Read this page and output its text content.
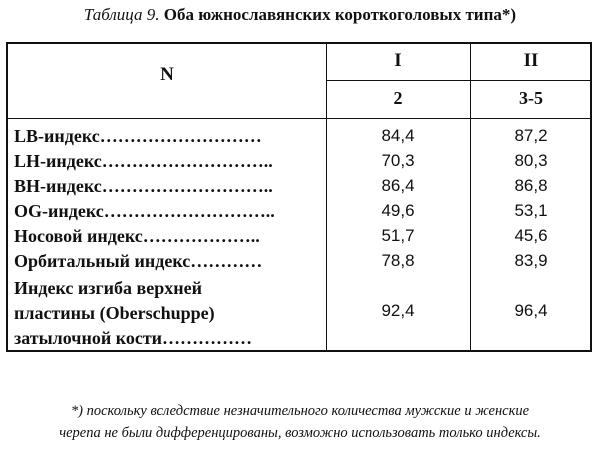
Таблица 9. Оба южнославянских короткоголовых типа*)
N
I	II
2	3-5
LB-индекс………………………	84,4	87,2
LH-индекс………………………..	70,3	80,3
BH-индекс………………………..	86,4	86,8
OG-индекс………………………..	49,6	53,1
Носовой индекс………………..	51,7	45,6
Орбитальный индекс…………	78,8	83,9
Индекс изгиба верхней
пластины (Oberschuppe)
затылочной кости……………
92,4	96,4
*) поскольку вследствие незначительного количества мужские и женские
черепа не были дифференцированы, возможно использовать только индексы.
